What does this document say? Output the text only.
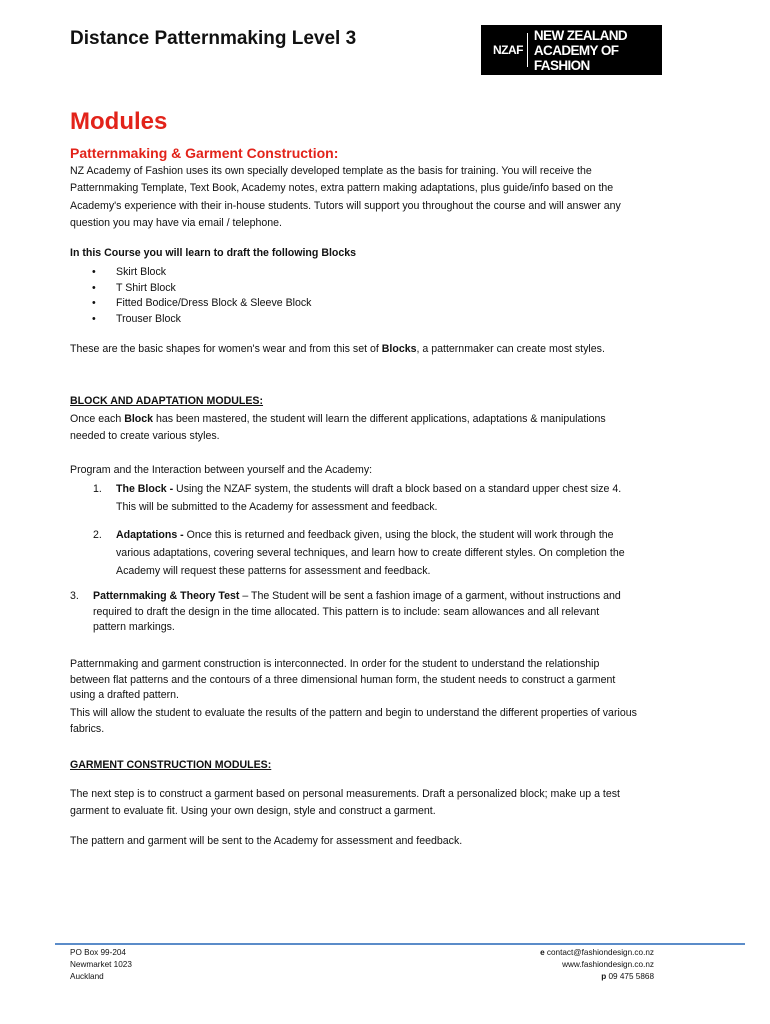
Distance Patternmaking Level 3
NZAF
NEW ZEALAND
ACADEMY OF FASHION
Modules
Patternmaking & Garment Construction:
NZ Academy of Fashion uses its own specially developed template as the basis for training. You will receive the Patternmaking Template, Text Book, Academy notes, extra pattern making adaptations, plus guide/info based on the Academy's experience with their in-house students. Tutors will support you throughout the course and will answer any question you may have via email / telephone.
In this Course you will learn to draft the following Blocks
• Skirt Block
• T Shirt Block
• Fitted Bodice/Dress Block & Sleeve Block
• Trouser Block
These are the basic shapes for women's wear and from this set of Blocks, a patternmaker can create most styles.
BLOCK AND ADAPTATION MODULES:
Once each Block has been mastered, the student will learn the different applications, adaptations & manipulations needed to create various styles.
Program and the Interaction between yourself and the Academy:
1.	The Block - Using the NZAF system, the students will draft a block based on a standard upper chest size 4. This will be submitted to the Academy for assessment and feedback.
2.	Adaptations - Once this is returned and feedback given, using the block, the student will work through the various adaptations, covering several techniques, and learn how to create different styles. On completion the Academy will request these patterns for assessment and feedback.
3.	Patternmaking & Theory Test – The Student will be sent a fashion image of a garment, without instructions and required to draft the design in the time allocated. This pattern is to include: seam allowances and all relevant pattern markings.
Patternmaking and garment construction is interconnected. In order for the student to understand the relationship between flat patterns and the contours of a three dimensional human form, the student needs to construct a garment using a drafted pattern.
This will allow the student to evaluate the results of the pattern and begin to understand the different properties of various fabrics.
GARMENT CONSTRUCTION MODULES:
The next step is to construct a garment based on personal measurements. Draft a personalized block; make up a test garment to evaluate fit. Using your own design, style and construct a garment.
The pattern and garment will be sent to the Academy for assessment and feedback.
PO Box 99-204
Newmarket 1023
Auckland
e contact@fashiondesign.co.nz
www.fashiondesign.co.nz
p 09 475 5868
